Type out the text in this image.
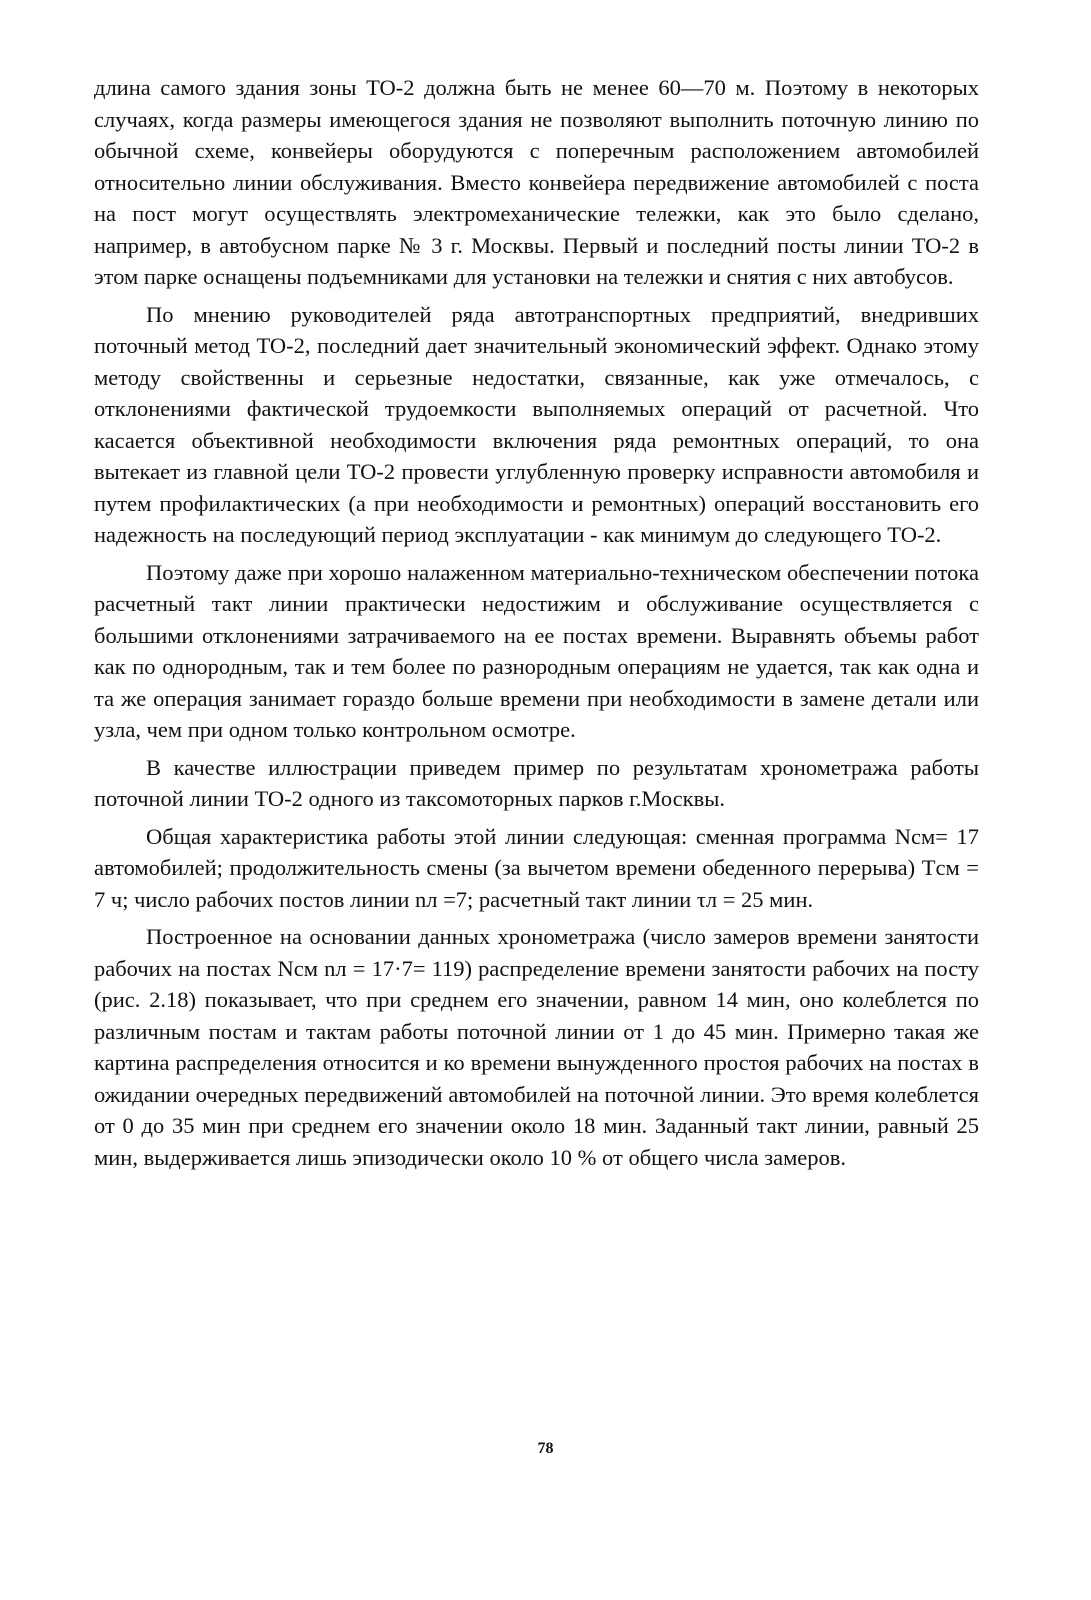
длина самого здания зоны ТО-2 должна быть не менее 60—70 м. Поэтому в некоторых случаях, когда размеры имеющегося здания не позволяют выполнить поточную линию по обычной схеме, конвейеры оборудуются с поперечным расположением автомобилей относительно линии обслуживания. Вместо конвейера передвижение автомобилей с поста на пост могут осуществлять электромеханические тележки, как это было сделано, например, в автобусном парке № 3 г. Москвы. Первый и последний посты линии ТО-2 в этом парке оснащены подъемниками для установки на тележки и снятия с них автобусов.

По мнению руководителей ряда автотранспортных предприятий, внедривших поточный метод ТО-2, последний дает значительный экономический эффект. Однако этому методу свойственны и серьезные недостатки, связанные, как уже отмечалось, с отклонениями фактической трудоемкости выполняемых операций от расчетной. Что касается объективной необходимости включения ряда ремонтных операций, то она вытекает из главной цели ТО-2 провести углубленную проверку исправности автомобиля и путем профилактических (а при необходимости и ремонтных) операций восстановить его надежность на последующий период эксплуатации - как минимум до следующего ТО-2.

Поэтому даже при хорошо налаженном материально-техническом обеспечении потока расчетный такт линии практически недостижим и обслуживание осуществляется с большими отклонениями затрачиваемого на ее постах времени. Выравнять объемы работ как по однородным, так и тем более по разнородным операциям не удается, так как одна и та же операция занимает гораздо больше времени при необходимости в замене детали или узла, чем при одном только контрольном осмотре.

В качестве иллюстрации приведем пример по результатам хронометража работы поточной линии ТО-2 одного из таксомоторных парков г.Москвы.

Общая характеристика работы этой линии следующая: сменная программа Nсм= 17 автомобилей; продолжительность смены (за вычетом времени обеденного перерыва) Tсм = 7 ч; число рабочих постов линии nл =7; расчетный такт линии τл = 25 мин.

Построенное на основании данных хронометража (число замеров времени занятости рабочих на постах Nсм nл = 17·7= 119) распределение времени занятости рабочих на посту (рис. 2.18) показывает, что при среднем его значении, равном 14 мин, оно колеблется по различным постам и тактам работы поточной линии от 1 до 45 мин. Примерно такая же картина распределения относится и ко времени вынужденного простоя рабочих на постах в ожидании очередных передвижений автомобилей на поточной линии. Это время колеблется от 0 до 35 мин при среднем его значении около 18 мин. Заданный такт линии, равный 25 мин, выдерживается лишь эпизодически около 10 % от общего числа замеров.

78
